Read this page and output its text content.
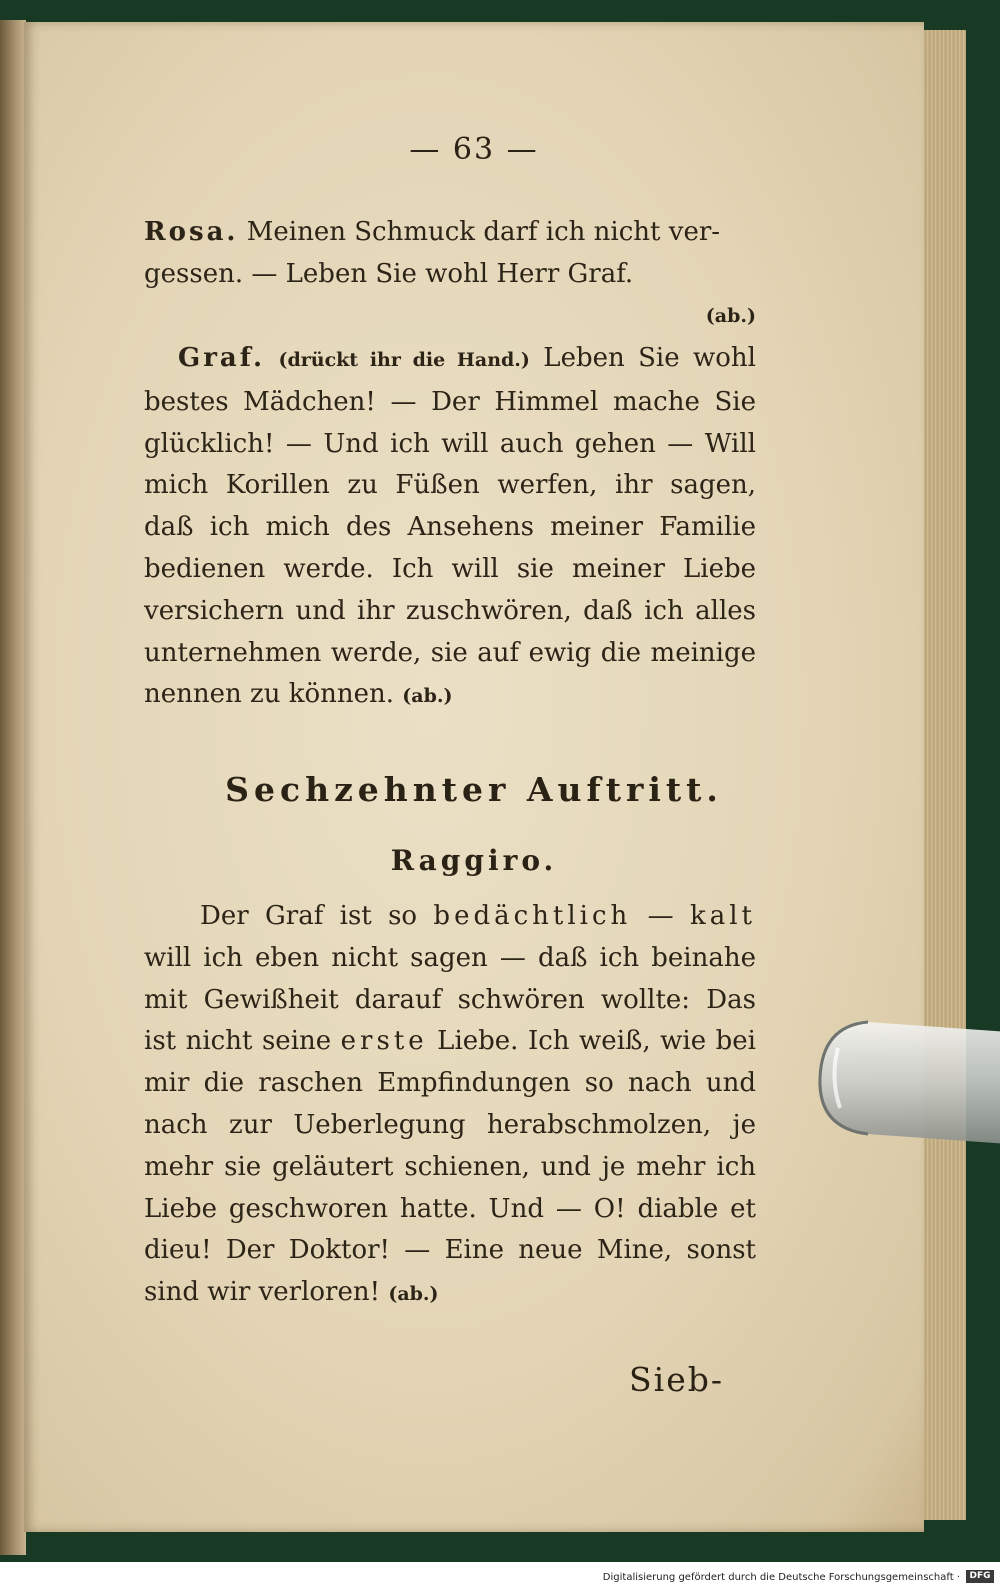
— 63 —

Rosa. Meinen Schmuck darf ich nicht ver-
gessen. — Leben Sie wohl Herr Graf.
(ab.)

Graf. (drückt ihr die Hand.) Leben Sie wohl bestes Mädchen! — Der Himmel mache Sie glücklich! — Und ich will auch gehen — Will mich Korillen zu Füßen werfen, ihr sagen, daß ich mich des Ansehens meiner Familie bedienen werde. Ich will sie meiner Liebe versichern und ihr zuschwören, daß ich alles unternehmen werde, sie auf ewig die meinige nennen zu können. (ab.)

Sechzehnter Auftritt.
Raggiro.

Der Graf ist so bedächtlich — kalt will ich eben nicht sagen — daß ich beinahe mit Gewißheit darauf schwören wollte: Das ist nicht seine erste Liebe. Ich weiß, wie bei mir die raschen Empfindungen so nach und nach zur Ueberlegung herabschmolzen, je mehr sie geläutert schienen, und je mehr ich Liebe geschworen hatte. Und — O! diable et dieu! Der Doktor! — Eine neue Mine, sonst sind wir verloren! (ab.)

Sieb-
Digitalisierung gefördert durch die Deutsche Forschungsgemeinschaft ·	DFG
